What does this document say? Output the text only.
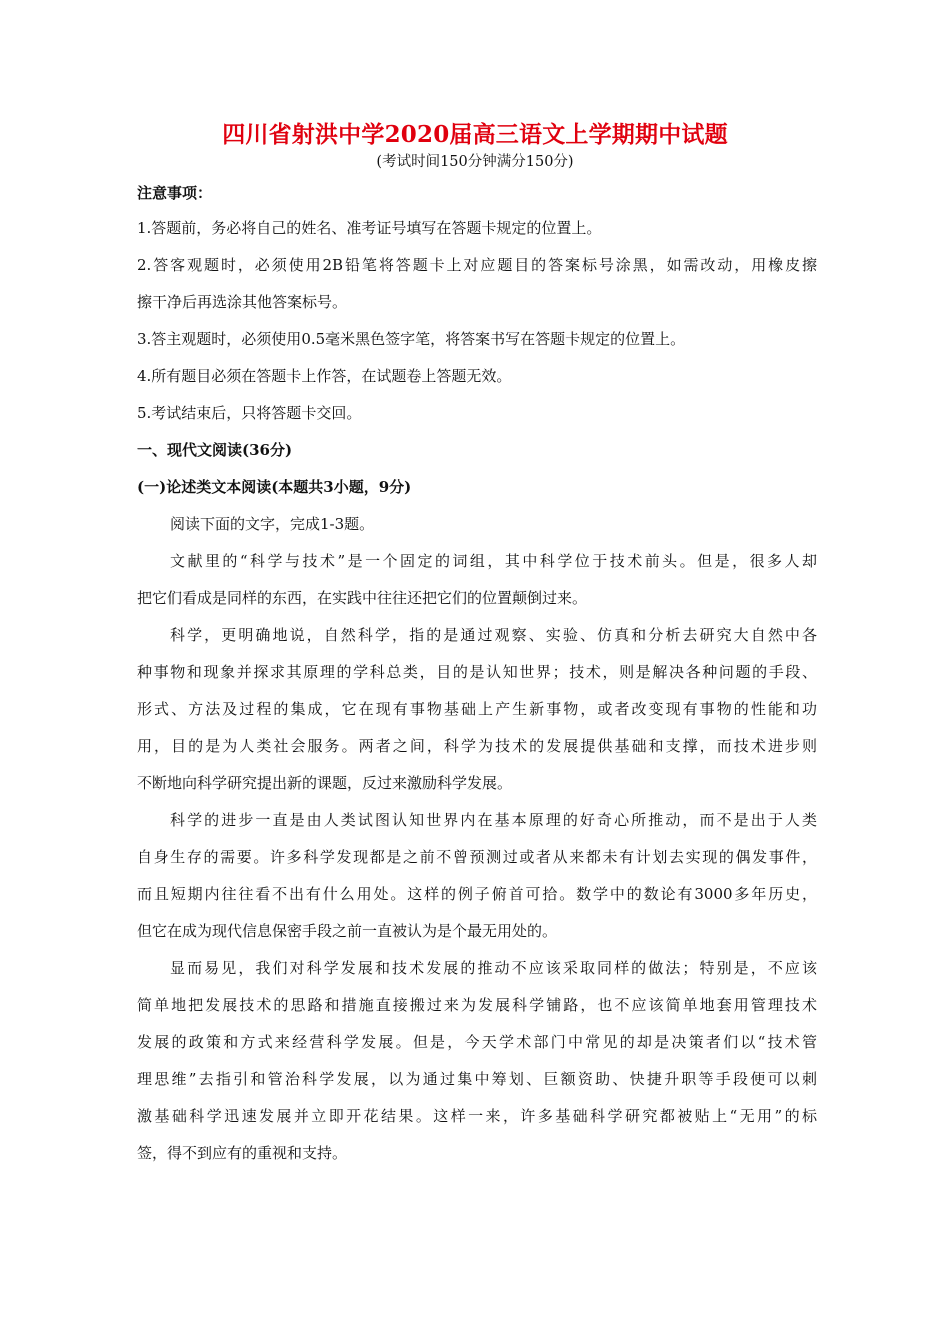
四川省射洪中学2020届高三语文上学期期中试题
(考试时间150分钟满分150分)
注意事项：
1.答题前，务必将自己的姓名、准考证号填写在答题卡规定的位置上。
2.答客观题时，必须使用2B铅笔将答题卡上对应题目的答案标号涂黑，如需改动，用橡皮擦
擦干净后再选涂其他答案标号。
3.答主观题时，必须使用0.5毫米黑色签字笔，将答案书写在答题卡规定的位置上。
4.所有题目必须在答题卡上作答，在试题卷上答题无效。
5.考试结束后，只将答题卡交回。
一、现代文阅读(36分)
(一)论述类文本阅读(本题共3小题，9分)
阅读下面的文字，完成1-3题。
文献里的“科学与技术”是一个固定的词组，其中科学位于技术前头。但是，很多人却
把它们看成是同样的东西，在实践中往往还把它们的位置颠倒过来。
科学，更明确地说，自然科学，指的是通过观察、实验、仿真和分析去研究大自然中各
种事物和现象并探求其原理的学科总类，目的是认知世界；技术，则是解决各种问题的手段、
形式、方法及过程的集成，它在现有事物基础上产生新事物，或者改变现有事物的性能和功
用，目的是为人类社会服务。两者之间，科学为技术的发展提供基础和支撑，而技术进步则
不断地向科学研究提出新的课题，反过来激励科学发展。
科学的进步一直是由人类试图认知世界内在基本原理的好奇心所推动，而不是出于人类
自身生存的需要。许多科学发现都是之前不曾预测过或者从来都未有计划去实现的偶发事件，
而且短期内往往看不出有什么用处。这样的例子俯首可拾。数学中的数论有3000多年历史，
但它在成为现代信息保密手段之前一直被认为是个最无用处的。
显而易见，我们对科学发展和技术发展的推动不应该采取同样的做法；特别是，不应该
简单地把发展技术的思路和措施直接搬过来为发展科学铺路，也不应该简单地套用管理技术
发展的政策和方式来经营科学发展。但是，今天学术部门中常见的却是决策者们以“技术管
理思维”去指引和管治科学发展，以为通过集中筹划、巨额资助、快捷升职等手段便可以刺
激基础科学迅速发展并立即开花结果。这样一来，许多基础科学研究都被贴上“无用”的标
签，得不到应有的重视和支持。
